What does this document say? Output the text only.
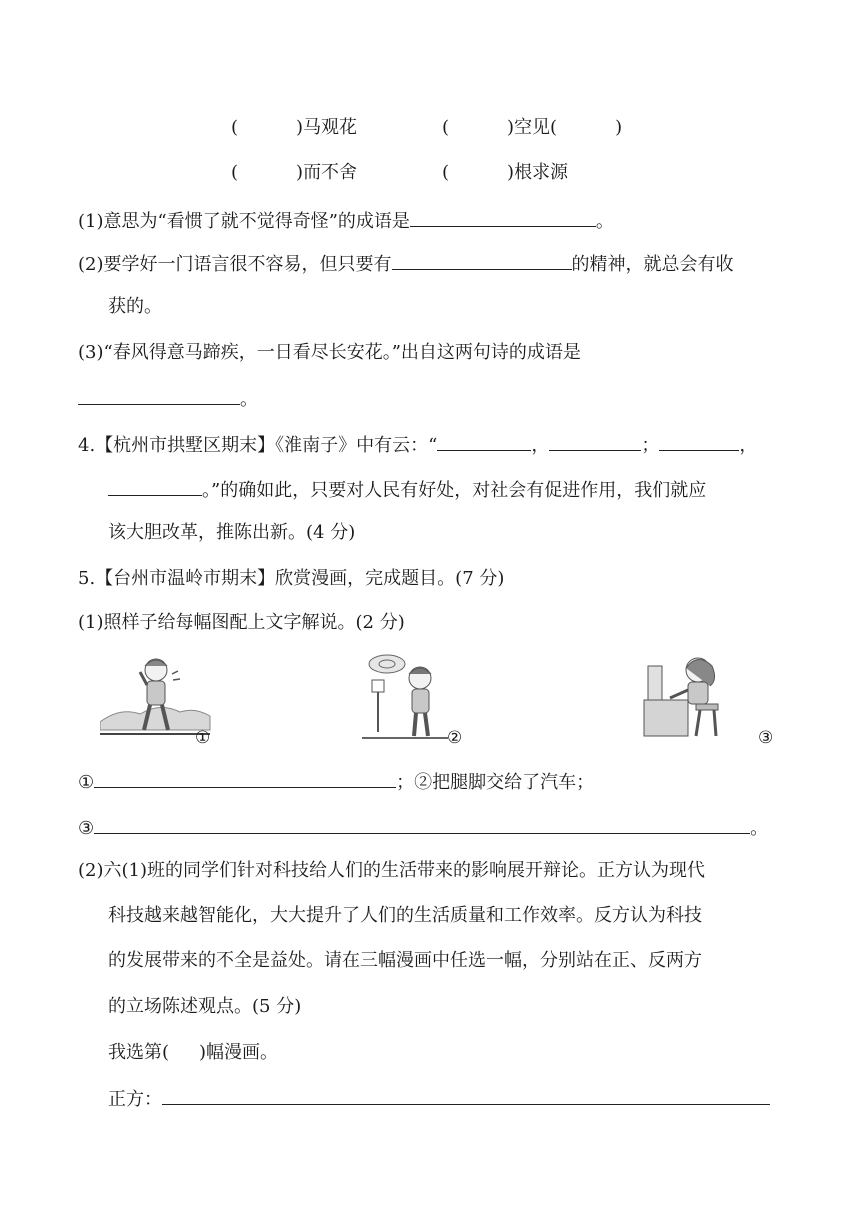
(	)马观花	(	)空见(	)
(	)而不舍	(	)根求源
(1)意思为“看惯了就不觉得奇怪”的成语是	。
(2)要学好一门语言很不容易，但只要有	的精神，就总会有收
获的。
(3)“春风得意马蹄疾，一日看尽长安花。”出自这两句诗的成语是
。
4.【杭州市拱墅区期末】《淮南子》中有云：“	，	；	，
。”的确如此，只要对人民有好处，对社会有促进作用，我们就应
该大胆改革，推陈出新。(4 分)
5.【台州市温岭市期末】欣赏漫画，完成题目。(7 分)
(1)照样子给每幅图配上文字解说。(2 分)
①	②	③
①	；②把腿脚交给了汽车；
③	。
(2)六(1)班的同学们针对科技给人们的生活带来的影响展开辩论。正方认为现代
科技越来越智能化，大大提升了人们的生活质量和工作效率。反方认为科技
的发展带来的不全是益处。请在三幅漫画中任选一幅，分别站在正、反两方
的立场陈述观点。(5 分)
我选第( )幅漫画。
正方：
